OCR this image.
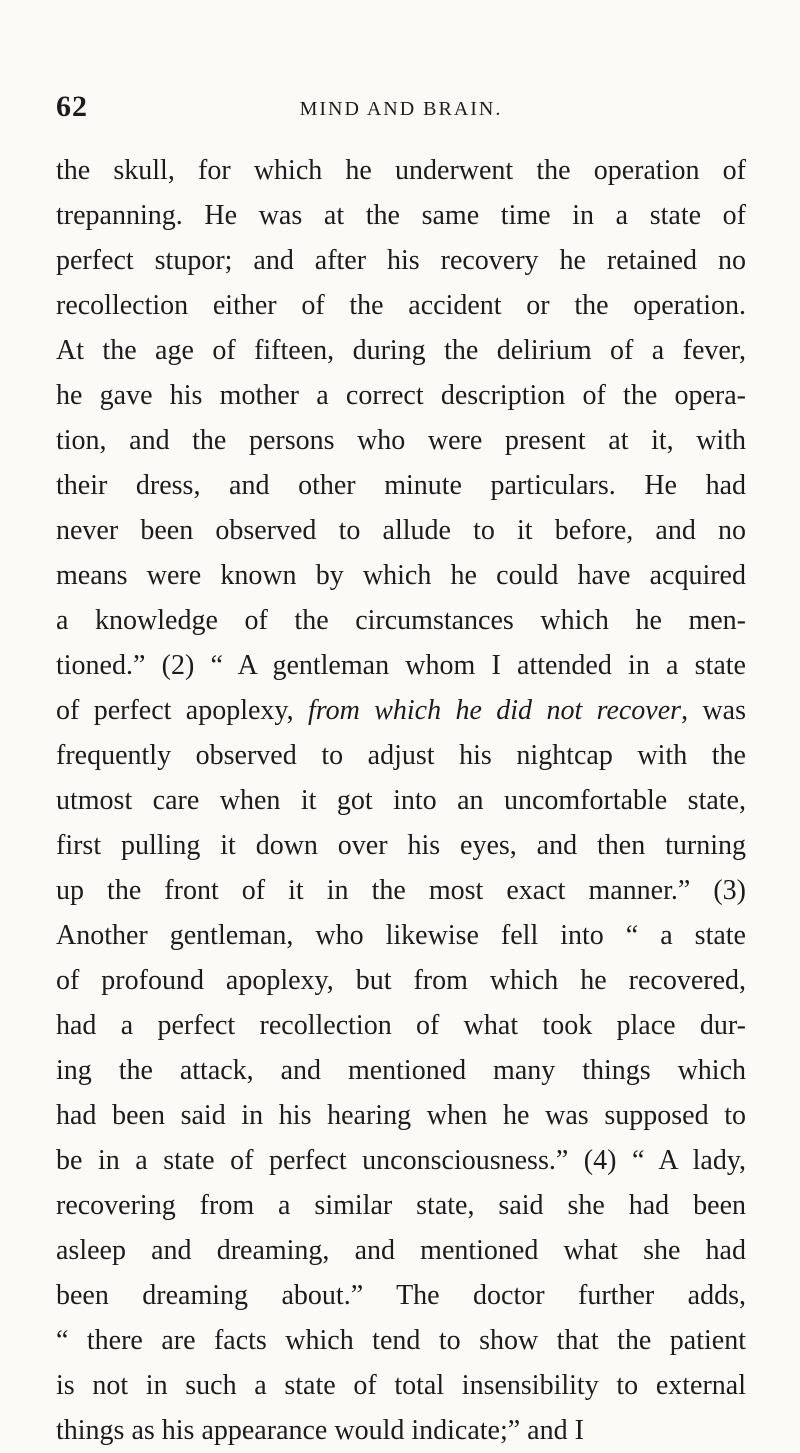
62	MIND AND BRAIN.
the skull, for which he underwent the operation of
trepanning. He was at the same time in a state of
perfect stupor; and after his recovery he retained no
recollection either of the accident or the operation.
At the age of fifteen, during the delirium of a fever,
he gave his mother a correct description of the opera-
tion, and the persons who were present at it, with
their dress, and other minute particulars. He had
never been observed to allude to it before, and no
means were known by which he could have acquired
a knowledge of the circumstances which he men-
tioned.” (2) “ A gentleman whom I attended in a state
of perfect apoplexy, from which he did not recover, was
frequently observed to adjust his nightcap with the
utmost care when it got into an uncomfortable state,
first pulling it down over his eyes, and then turning
up the front of it in the most exact manner.” (3)
Another gentleman, who likewise fell into “ a state
of profound apoplexy, but from which he recovered,
had a perfect recollection of what took place dur-
ing the attack, and mentioned many things which
had been said in his hearing when he was supposed to
be in a state of perfect unconsciousness.” (4) “ A lady,
recovering from a similar state, said she had been
asleep and dreaming, and mentioned what she had
been dreaming about.” The doctor further adds,
“ there are facts which tend to show that the patient
is not in such a state of total insensibility to external
things as his appearance would indicate;” and I
